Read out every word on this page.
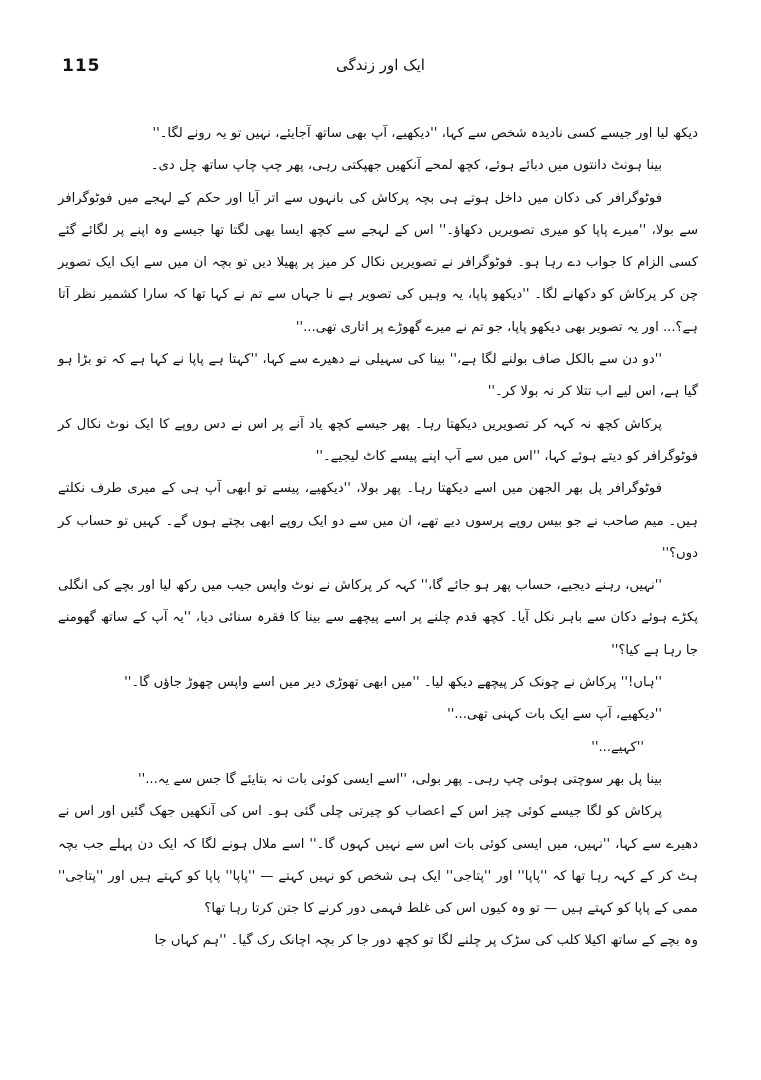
115	ایک اور زندگی

دیکھ لیا اور جیسے کسی نادیدہ شخص سے کہا، ''دیکھیے، آپ بھی ساتھ آجایئے، نہیں تو یہ رونے لگا۔''

بینا ہونٹ دانتوں میں دبائے ہوئے، کچھ لمحے آنکھیں جھپکتی رہی، پھر چپ چاپ ساتھ چل دی۔

فوٹوگرافر کی دکان میں داخل ہوتے ہی بچہ پرکاش کی بانہوں سے اتر آیا اور حکم کے لہجے میں فوٹوگرافر سے بولا، ''میرے پاپا کو میری تصویریں دکھاؤ۔'' اس کے لہجے سے کچھ ایسا بھی لگتا تھا جیسے وہ اپنے پر لگائے گئے کسی الزام کا جواب دے رہا ہو۔ فوٹوگرافر نے تصویریں نکال کر میز پر پھیلا دیں تو بچہ ان میں سے ایک ایک تصویر چن کر پرکاش کو دکھانے لگا۔ ''دیکھو پاپا، یہ وہیں کی تصویر ہے نا جہاں سے تم نے کہا تھا کہ سارا کشمیر نظر آتا ہے؟... اور یہ تصویر بھی دیکھو پاپا، جو تم نے میرے گھوڑے پر اتاری تھی...''

''دو دن سے بالکل صاف بولنے لگا ہے،'' بینا کی سہیلی نے دھیرے سے کہا، ''کہتا ہے پاپا نے کہا ہے کہ تو بڑا ہو گیا ہے، اس لیے اب تتلا کر نہ بولا کر۔''

پرکاش کچھ نہ کہہ کر تصویریں دیکھتا رہا۔ پھر جیسے کچھ یاد آنے پر اس نے دس روپے کا ایک نوٹ نکال کر فوٹوگرافر کو دیتے ہوئے کہا، ''اس میں سے آپ اپنے پیسے کاٹ لیجیے۔''

فوٹوگرافر پل بھر الجھن میں اسے دیکھتا رہا۔ پھر بولا، ''دیکھیے، پیسے تو ابھی آپ ہی کے میری طرف نکلتے ہیں۔ میم صاحب نے جو بیس روپے پرسوں دیے تھے، ان میں سے دو ایک روپے ابھی بچتے ہوں گے۔ کہیں تو حساب کر دوں؟''

''نہیں، رہنے دیجیے، حساب پھر ہو جائے گا،'' کہہ کر پرکاش نے نوٹ واپس جیب میں رکھ لیا اور بچے کی انگلی پکڑے ہوئے دکان سے باہر نکل آیا۔ کچھ قدم چلنے پر اسے پیچھے سے بینا کا فقرہ سنائی دیا، ''یہ آپ کے ساتھ گھومنے جا رہا ہے کیا؟''

''ہاں!'' پرکاش نے چونک کر پیچھے دیکھ لیا۔ ''میں ابھی تھوڑی دیر میں اسے واپس چھوڑ جاؤں گا۔''

''دیکھیے، آپ سے ایک بات کہنی تھی...''

''کہیے...''

بینا پل بھر سوچتی ہوئی چپ رہی۔ پھر بولی، ''اسے ایسی کوئی بات نہ بتایئے گا جس سے یہ...''

پرکاش کو لگا جیسے کوئی چیز اس کے اعصاب کو چیرتی چلی گئی ہو۔ اس کی آنکھیں جھک گئیں اور اس نے دھیرے سے کہا، ''نہیں، میں ایسی کوئی بات اس سے نہیں کہوں گا۔'' اسے ملال ہونے لگا کہ ایک دن پہلے جب بچہ ہٹ کر کے کہہ رہا تھا کہ ''پاپا'' اور ''پتاجی'' ایک ہی شخص کو نہیں کہتے — ''پاپا'' پاپا کو کہتے ہیں اور ''پتاجی'' ممی کے پاپا کو کہتے ہیں — تو وہ کیوں اس کی غلط فہمی دور کرنے کا جتن کرتا رہا تھا؟

وہ بچے کے ساتھ اکیلا کلب کی سڑک پر چلنے لگا تو کچھ دور جا کر بچہ اچانک رک گیا۔ ''ہم کہاں جا
